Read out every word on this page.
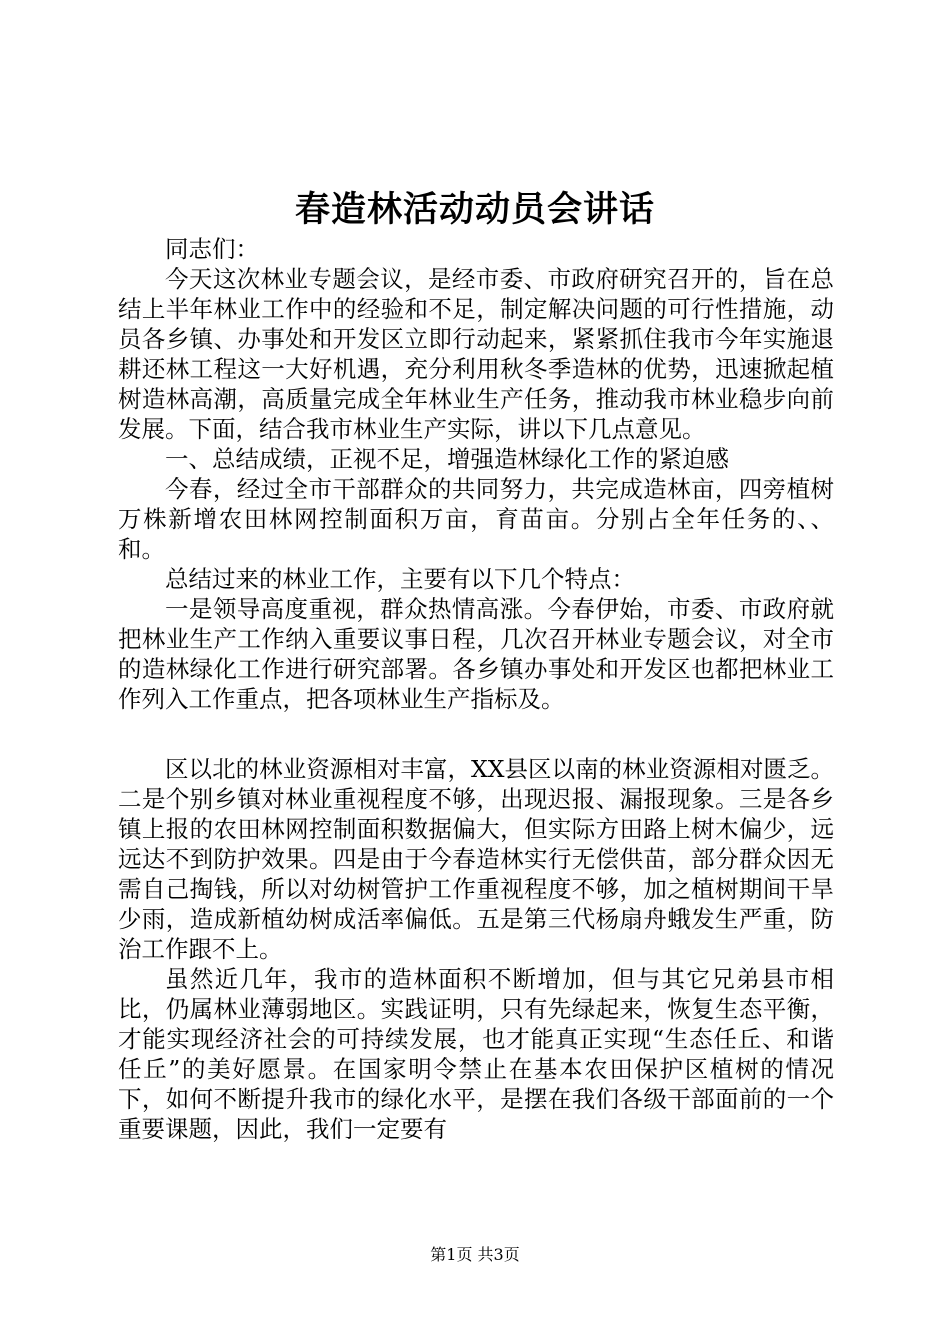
春造林活动动员会讲话

同志们：

今天这次林业专题会议，是经市委、市政府研究召开的，旨在总结上半年林业工作中的经验和不足，制定解决问题的可行性措施，动员各乡镇、办事处和开发区立即行动起来，紧紧抓住我市今年实施退耕还林工程这一大好机遇，充分利用秋冬季造林的优势，迅速掀起植树造林高潮，高质量完成全年林业生产任务，推动我市林业稳步向前发展。下面，结合我市林业生产实际，讲以下几点意见。

一、总结成绩，正视不足，增强造林绿化工作的紧迫感

今春，经过全市干部群众的共同努力，共完成造林亩，四旁植树万株新增农田林网控制面积万亩，育苗亩。分别占全年任务的、、和。

总结过来的林业工作，主要有以下几个特点：

一是领导高度重视，群众热情高涨。今春伊始，市委、市政府就把林业生产工作纳入重要议事日程，几次召开林业专题会议，对全市的造林绿化工作进行研究部署。各乡镇办事处和开发区也都把林业工作列入工作重点，把各项林业生产指标及。

区以北的林业资源相对丰富，XX县区以南的林业资源相对匮乏。二是个别乡镇对林业重视程度不够，出现迟报、漏报现象。三是各乡镇上报的农田林网控制面积数据偏大，但实际方田路上树木偏少，远远达不到防护效果。四是由于今春造林实行无偿供苗，部分群众因无需自己掏钱，所以对幼树管护工作重视程度不够，加之植树期间干旱少雨，造成新植幼树成活率偏低。五是第三代杨扇舟蛾发生严重，防治工作跟不上。

虽然近几年，我市的造林面积不断增加，但与其它兄弟县市相比，仍属林业薄弱地区。实践证明，只有先绿起来，恢复生态平衡，才能实现经济社会的可持续发展，也才能真正实现“生态任丘、和谐任丘”的美好愿景。在国家明令禁止在基本农田保护区植树的情况下，如何不断提升我市的绿化水平，是摆在我们各级干部面前的一个重要课题，因此，我们一定要有

第1页 共3页
